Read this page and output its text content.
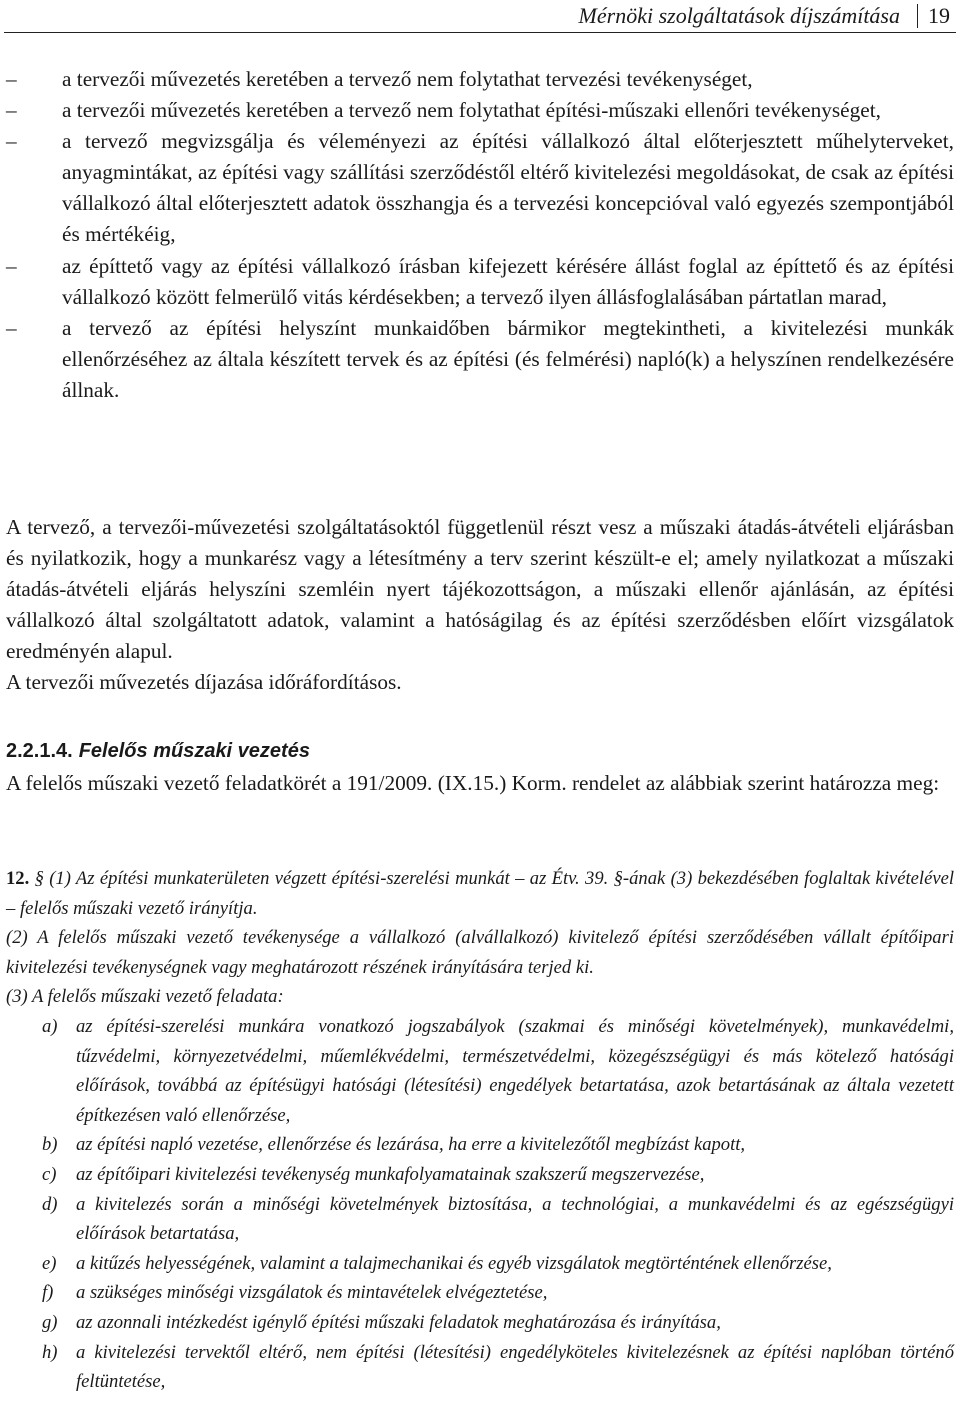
Mérnöki szolgáltatások díjszámítása 19
–	a tervezői művezetés keretében a tervező nem folytathat tervezési tevékenységet,
–	a tervezői művezetés keretében a tervező nem folytathat építési-műszaki ellenőri tevékenységet,
–	a tervező megvizsgálja és véleményezi az építési vállalkozó által előterjesztett műhelyterveket, anyagmintákat, az építési vagy szállítási szerződéstől eltérő kivitelezési megoldásokat, de csak az építési vállalkozó által előterjesztett adatok összhangja és a tervezési koncepcióval való egyezés szempontjából és mértékéig,
–	az építtető vagy az építési vállalkozó írásban kifejezett kérésére állást foglal az építtető és az építési vállalkozó között felmerülő vitás kérdésekben; a tervező ilyen állásfoglalásában pártatlan marad,
–	a tervező az építési helyszínt munkaidőben bármikor megtekintheti, a kivitelezési munkák ellenőrzéséhez az általa készített tervek és az építési (és felmérési) napló(k) a helyszínen rendelkezésére állnak.
A tervező, a tervezői-művezetési szolgáltatásoktól függetlenül részt vesz a műszaki átadás-átvételi eljárásban és nyilatkozik, hogy a munkarész vagy a létesítmény a terv szerint készült-e el; amely nyilatkozat a műszaki átadás-átvételi eljárás helyszíni szemléin nyert tájékozottságon, a műszaki ellenőr ajánlásán, az építési vállalkozó által szolgáltatott adatok, valamint a hatóságilag és az építési szerződésben előírt vizsgálatok eredményén alapul.
A tervezői művezetés díjazása időráfordításos.
2.2.1.4. Felelős műszaki vezetés
A felelős műszaki vezető feladatkörét a 191/2009. (IX.15.) Korm. rendelet az alábbiak szerint határozza meg:
12. § (1) Az építési munkaterületen végzett építési-szerelési munkát – az Étv. 39. §-ának (3) bekezdésében foglaltak kivételével – felelős műszaki vezető irányítja.
(2) A felelős műszaki vezető tevékenysége a vállalkozó (alvállalkozó) kivitelező építési szerződésében vállalt építőipari kivitelezési tevékenységnek vagy meghatározott részének irányítására terjed ki.
(3) A felelős műszaki vezető feladata:
a) az építési-szerelési munkára vonatkozó jogszabályok (szakmai és minőségi követelmények), munkavédelmi, tűzvédelmi, környezetvédelmi, műemlékvédelmi, természetvédelmi, közegészségügyi és más kötelező hatósági előírások, továbbá az építésügyi hatósági (létesítési) engedélyek betartatása, azok betartásának az általa vezetett építkezésen való ellenőrzése,
b) az építési napló vezetése, ellenőrzése és lezárása, ha erre a kivitelezőtől megbízást kapott,
c) az építőipari kivitelezési tevékenység munkafolyamatainak szakszerű megszervezése,
d) a kivitelezés során a minőségi követelmények biztosítása, a technológiai, a munkavédelmi és az egészségügyi előírások betartatása,
e) a kitűzés helyességének, valamint a talajmechanikai és egyéb vizsgálatok megtörténtének ellenőrzése,
f) a szükséges minőségi vizsgálatok és mintavételek elvégeztetése,
g) az azonnali intézkedést igénylő építési műszaki feladatok meghatározása és irányítása,
h) a kivitelezési tervektől eltérő, nem építési (létesítési) engedélyköteles kivitelezésnek az építési naplóban történő feltüntetése,
